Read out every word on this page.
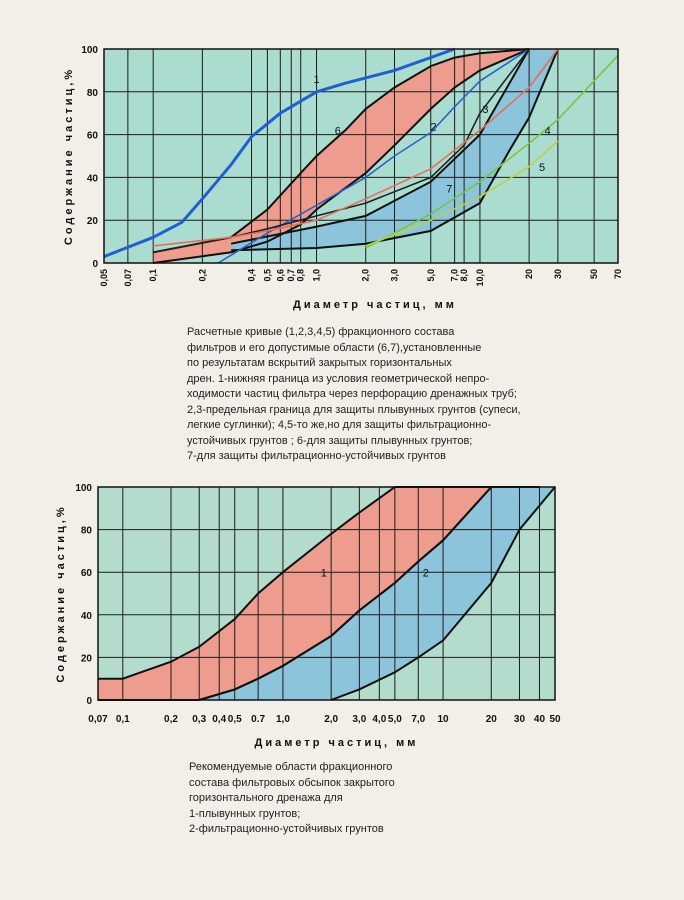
0
20
40
60
80
100
0,05 0,07 0,1	0,2	0,4 0,5 0,6 0,7 0,8 1,0	2,0 3,0	5,0 7,0 8,0 10,0	20 30	50 70
Содержание частиц,%
Диаметр частиц, мм
1
2
3
4
5
6
7
0
20
40
60
80
100
0,07 0,1	0,2 0,3 0,4 0,5 0.7 1,0	2,0 3,0 4,0 5,0 7,0 10	20 30 40 50
Содержание частиц,%
Диаметр частиц, мм
1	2
Расчетные кривые (1,2,3,4,5) фракционного состава
фильтров и его допустимые области (6,7),установленные
по результатам вскрытий закрытых горизонтальных
дрен. 1-нижняя граница из условия геометрической непро-
ходимости частиц фильтра через перфорацию дренажных труб;
2,3-предельная граница для защиты плывунных грунтов (супеси,
легкие суглинки); 4,5-то же,но для защиты фильтрационно-
устойчивых грунтов ; 6-для защиты плывунных грунтов;
7-для защиты фильтрационно-устойчивых грунтов
Рекомендуемые области фракционного
состава фильтровых обсыпок закрытого
горизонтального дренажа для
1-плывунных грунтов;
2-фильтрационно-устойчивых грунтов
